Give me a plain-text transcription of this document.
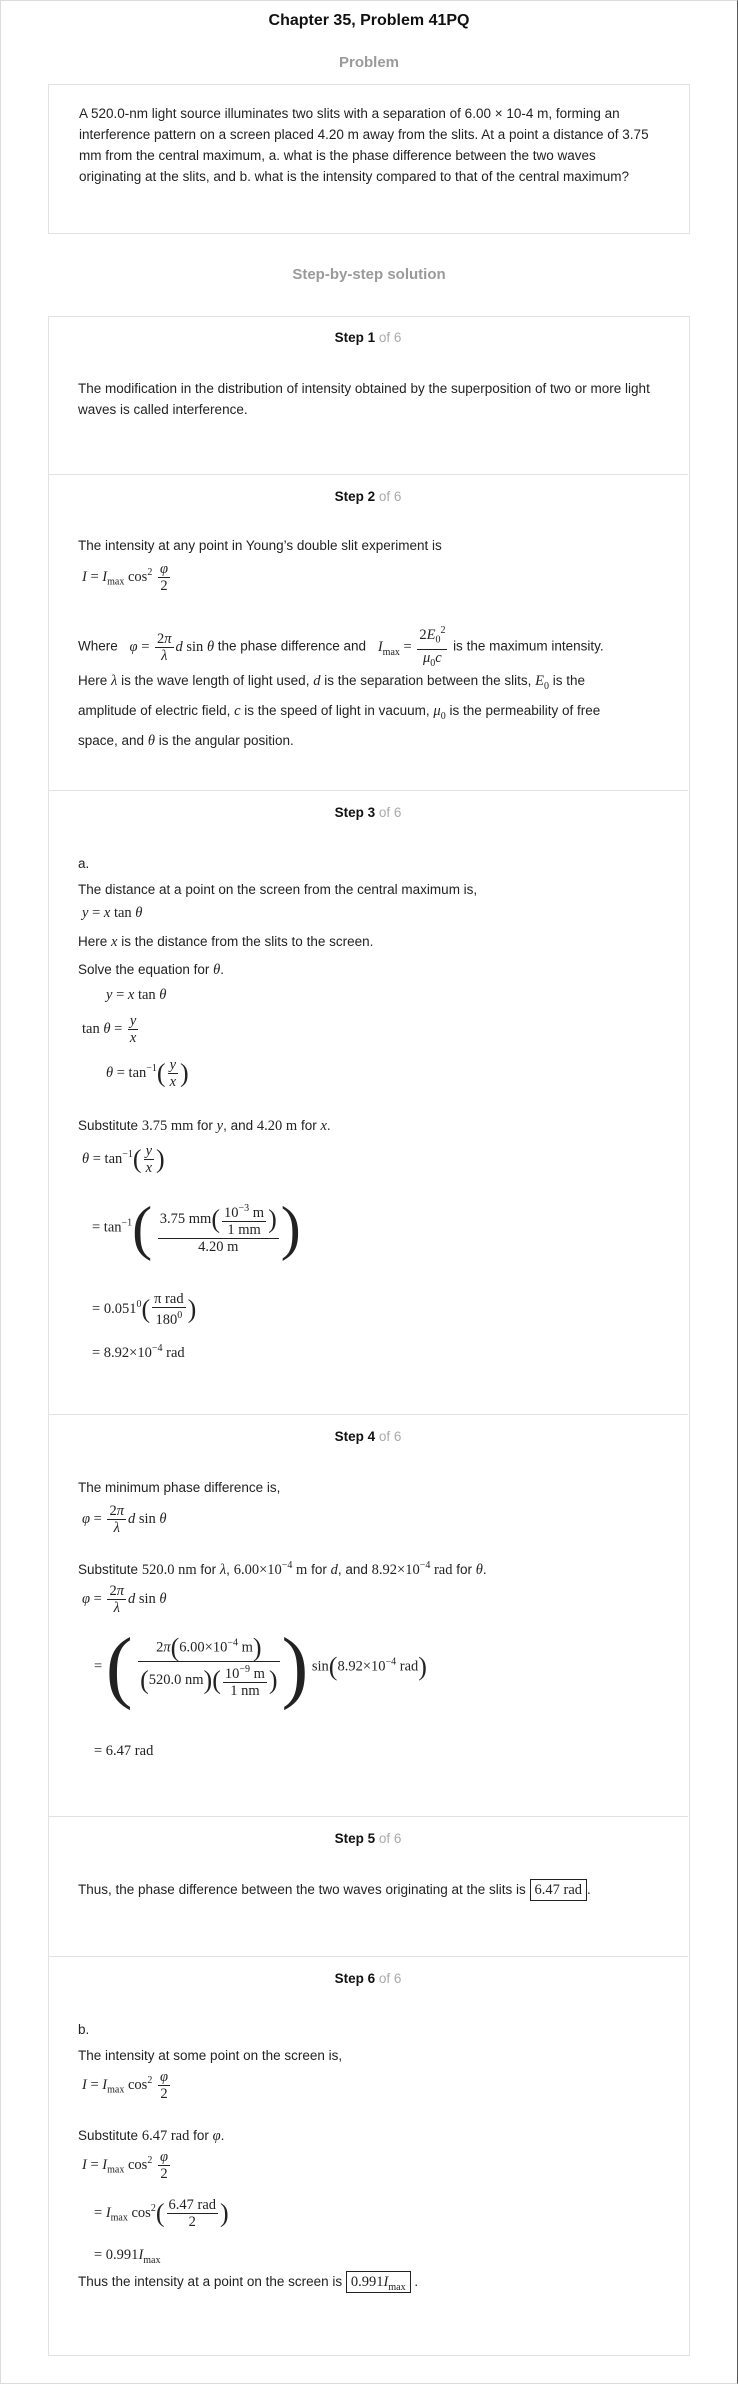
Chapter 35, Problem 41PQ
Problem
A 520.0-nm light source illuminates two slits with a separation of 6.00 × 10-4 m, forming an interference pattern on a screen placed 4.20 m away from the slits. At a point a distance of 3.75 mm from the central maximum, a. what is the phase difference between the two waves originating at the slits, and b. what is the intensity compared to that of the central maximum?
Step-by-step solution
Step 1 of 6
The modification in the distribution of intensity obtained by the superposition of two or more light waves is called interference.
Step 2 of 6
The intensity at any point in Young’s double slit experiment is
$I = I_{max}$ $\cos^2 \frac{\varphi}{2}$
Where $\varphi = \frac{2\pi}{\lambda}$ d sin θ the phase difference and $I_{max} = \frac{2E_0^2}{\mu_0c}$ is the maximum intensity.
Here λ is the wave length of light used, d is the separation between the slits, $E_0$ is the
amplitude of electric field, c is the speed of light in vacuum, $\mu_0$ is the permeability of free
space, and θ is the angular position.
Step 3 of 6
a.
The distance at a point on the screen from the central maximum is,
y = x tan θ
Here x is the distance from the slits to the screen.
Solve the equation for θ.
y = x tan θ
$\tan \theta = \frac{y}{x}$
$\theta = \tan^{-1}( \frac{y}{x}$ )
Substitute 3.75 mm for y, and 4.20 m for x.
$\theta = \tan^{-1}( \frac{y}{x}$ )
= $\tan^{-1}( \frac{3.75 mm( \frac{10^{-3} m}{1 mm} )}{4.20 m}$ )
= $0.051^0( \frac{\text{π rad}}{180^0}$ )
= $8.92\times 10^{-4}$ rad
Step 4 of 6
The minimum phase difference is,
$\varphi = \frac{2\pi}{\lambda}$ d sin θ
Substitute 520.0 nm for λ, $6.00\times 10^{-4}$ m for d, and $8.92\times 10^{-4}$ rad for θ.
$\varphi = \frac{2\pi}{\lambda}$ d sin θ
= ( $\frac{2\pi(6.00\times 10^{-4} m)}{(520.0 nm)( \frac{10^{-9} m}{1 nm} )}$ ) $\sin(8.92\times 10^{-4}$ rad)
= 6.47 rad
Step 5 of 6
Thus, the phase difference between the two waves originating at the slits is 6.47 rad .
Step 6 of 6
b.
The intensity at some point on the screen is,
$I = I_{max}$ $\cos^2 \frac{\varphi}{2}$
Substitute 6.47 rad for φ.
$I = I_{max}$ $\cos^2 \frac{\varphi}{2}$
= $I_{max}$ $\cos^2( \frac{\text{6.47 rad}}{2}$ )
= $0.991I_{max}$
Thus the intensity at a point on the screen is $0.991I_{max}$ .
